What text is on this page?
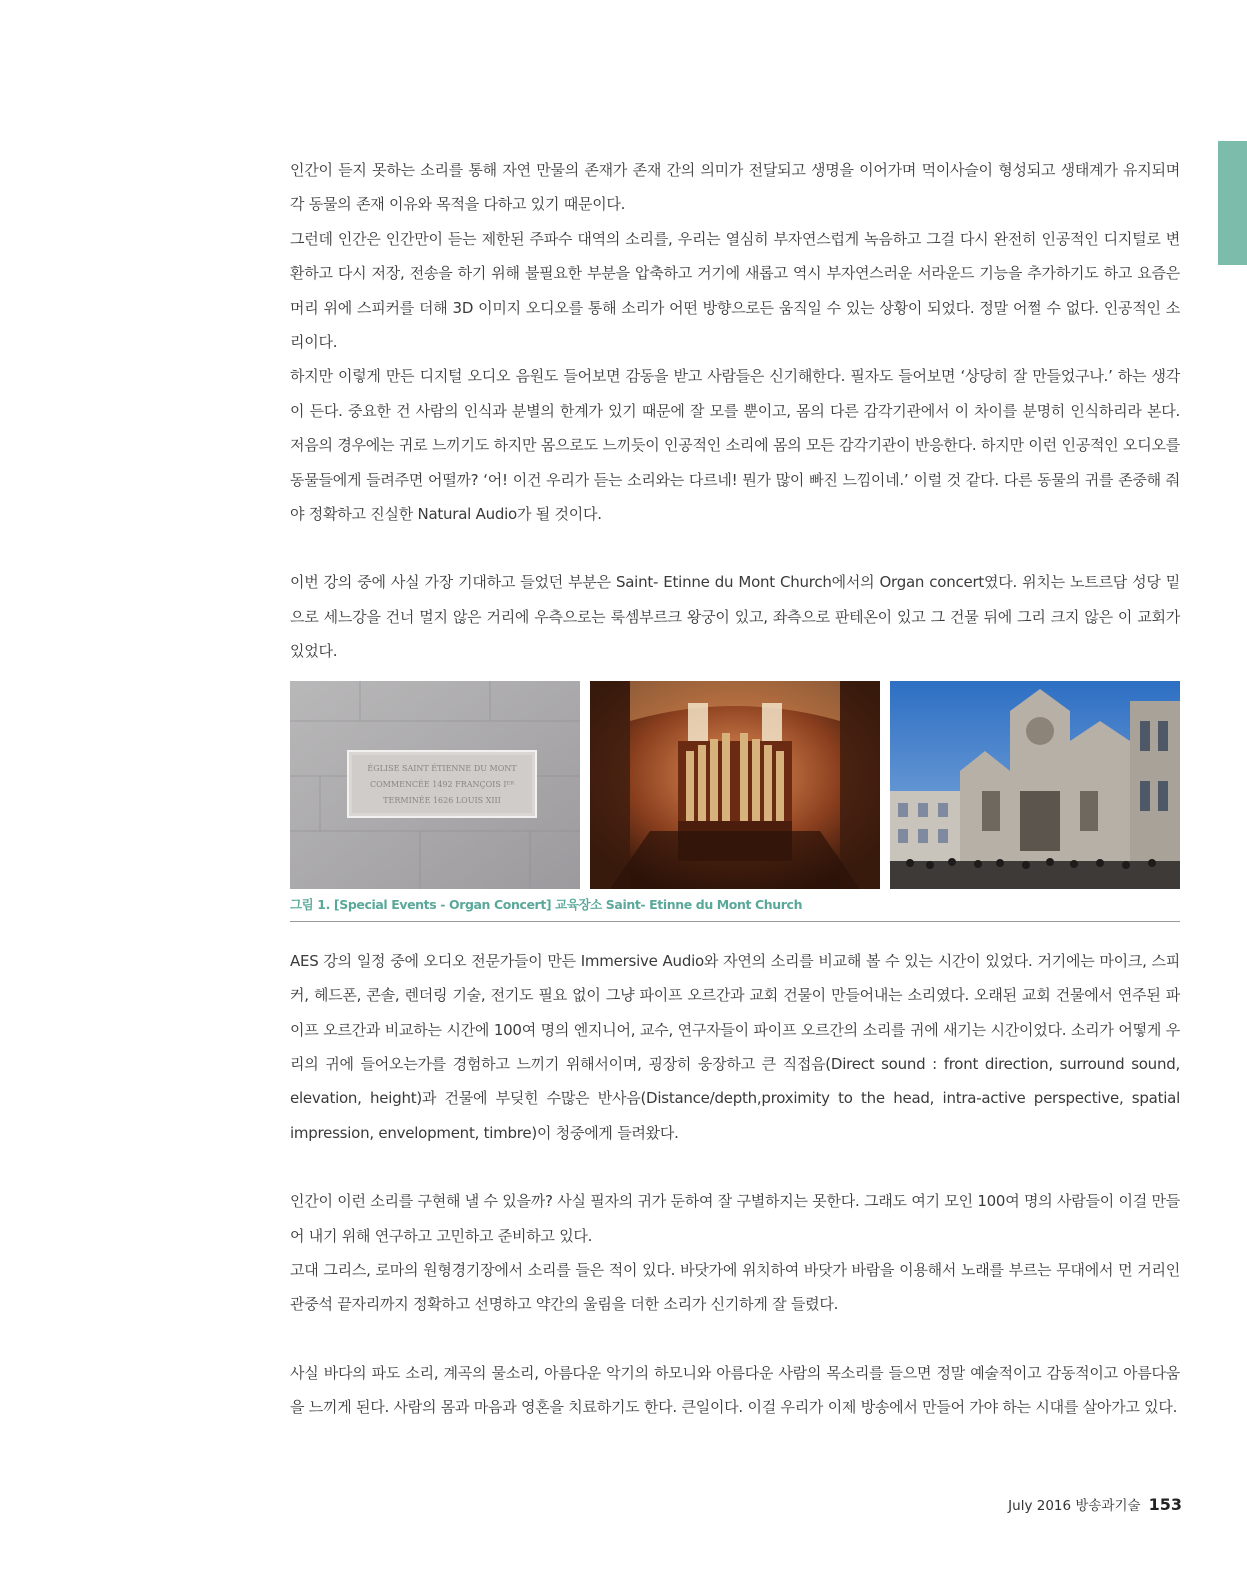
인간이 듣지 못하는 소리를 통해 자연 만물의 존재가 존재 간의 의미가 전달되고 생명을 이어가며 먹이사슬이 형성되고 생태계가 유지되며 각 동물의 존재 이유와 목적을 다하고 있기 때문이다.

그런데 인간은 인간만이 듣는 제한된 주파수 대역의 소리를, 우리는 열심히 부자연스럽게 녹음하고 그걸 다시 완전히 인공적인 디지털로 변환하고 다시 저장, 전송을 하기 위해 불필요한 부분을 압축하고 거기에 새롭고 역시 부자연스러운 서라운드 기능을 추가하기도 하고 요즘은 머리 위에 스피커를 더해 3D 이미지 오디오를 통해 소리가 어떤 방향으로든 움직일 수 있는 상황이 되었다. 정말 어쩔 수 없다. 인공적인 소리이다.

하지만 이렇게 만든 디지털 오디오 음원도 들어보면 감동을 받고 사람들은 신기해한다. 필자도 들어보면 ‘상당히 잘 만들었구나.’ 하는 생각이 든다. 중요한 건 사람의 인식과 분별의 한계가 있기 때문에 잘 모를 뿐이고, 몸의 다른 감각기관에서 이 차이를 분명히 인식하리라 본다. 저음의 경우에는 귀로 느끼기도 하지만 몸으로도 느끼듯이 인공적인 소리에 몸의 모든 감각기관이 반응한다. 하지만 이런 인공적인 오디오를 동물들에게 들려주면 어떨까? ‘어! 이건 우리가 듣는 소리와는 다르네! 뭔가 많이 빠진 느낌이네.’ 이럴 것 같다. 다른 동물의 귀를 존중해 줘야 정확하고 진실한 Natural Audio가 될 것이다.

이번 강의 중에 사실 가장 기대하고 들었던 부분은 Saint- Etinne du Mont Church에서의 Organ concert였다. 위치는 노트르담 성당 밑으로 세느강을 건너 멀지 않은 거리에 우측으로는 룩셈부르크 왕궁이 있고, 좌측으로 판테온이 있고 그 건물 뒤에 그리 크지 않은 이 교회가 있었다.

ÉGLISE SAINT ÉTIENNE DU MONT
COMMENCÉE 1492 FRANÇOIS Iᴱᴿ
TERMINÉE 1626 LOUIS XIII
그림 1. [Special Events - Organ Concert] 교육장소 Saint- Etinne du Mont Church

AES 강의 일정 중에 오디오 전문가들이 만든 Immersive Audio와 자연의 소리를 비교해 볼 수 있는 시간이 있었다. 거기에는 마이크, 스피커, 헤드폰, 콘솔, 렌더링 기술, 전기도 필요 없이 그냥 파이프 오르간과 교회 건물이 만들어내는 소리였다. 오래된 교회 건물에서 연주된 파이프 오르간과 비교하는 시간에 100여 명의 엔지니어, 교수, 연구자들이 파이프 오르간의 소리를 귀에 새기는 시간이었다. 소리가 어떻게 우리의 귀에 들어오는가를 경험하고 느끼기 위해서이며, 굉장히 웅장하고 큰 직접음(Direct sound : front direction, surround sound, elevation, height)과 건물에 부딪힌 수많은 반사음(Distance/depth,proximity to the head, intra-active perspective, spatial impression, envelopment, timbre)이 청중에게 들려왔다.

인간이 이런 소리를 구현해 낼 수 있을까? 사실 필자의 귀가 둔하여 잘 구별하지는 못한다. 그래도 여기 모인 100여 명의 사람들이 이걸 만들어 내기 위해 연구하고 고민하고 준비하고 있다.

고대 그리스, 로마의 원형경기장에서 소리를 들은 적이 있다. 바닷가에 위치하여 바닷가 바람을 이용해서 노래를 부르는 무대에서 먼 거리인 관중석 끝자리까지 정확하고 선명하고 약간의 울림을 더한 소리가 신기하게 잘 들렸다.

사실 바다의 파도 소리, 계곡의 물소리, 아름다운 악기의 하모니와 아름다운 사람의 목소리를 들으면 정말 예술적이고 감동적이고 아름다움을 느끼게 된다. 사람의 몸과 마음과 영혼을 치료하기도 한다. 큰일이다. 이걸 우리가 이제 방송에서 만들어 가야 하는 시대를 살아가고 있다.

July 2016 방송과기술 153
